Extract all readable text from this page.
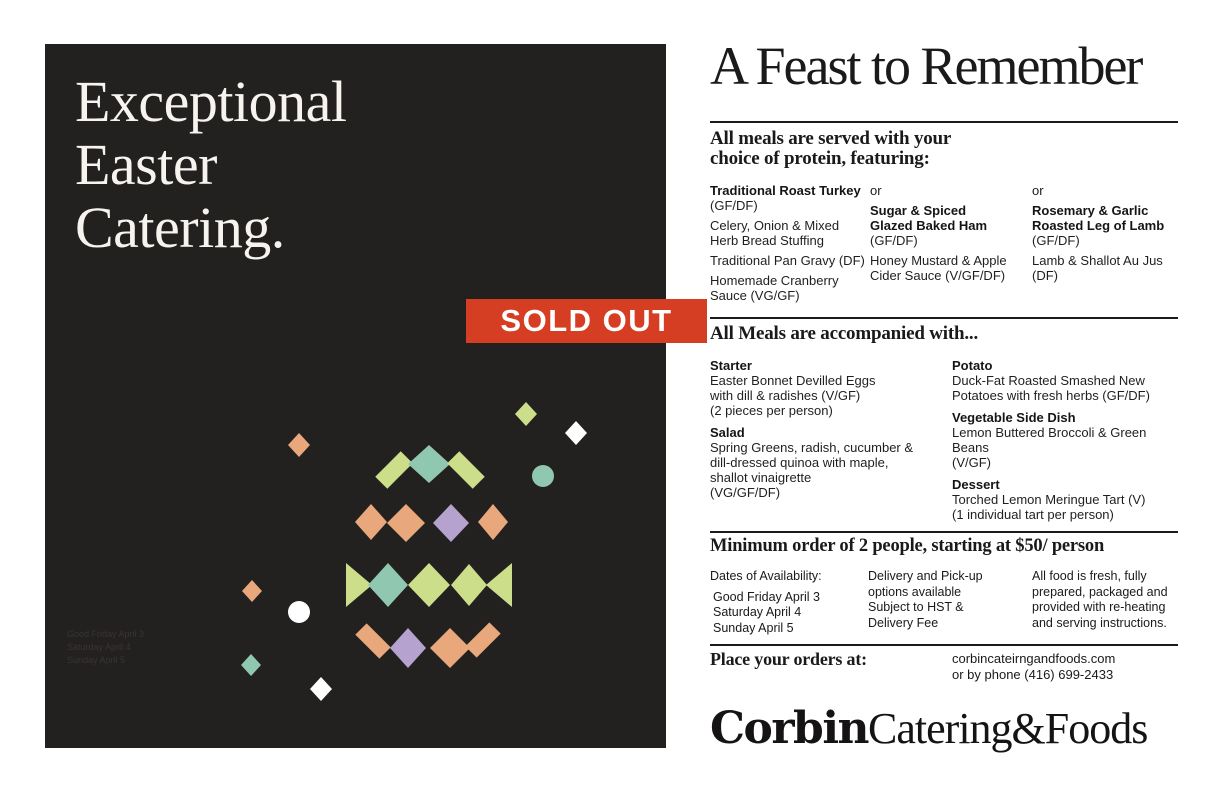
Exceptional
Easter
Catering.
Good Friday April 3
Saturday April 4
Sunday April 5
SOLD OUT
A Feast to Remember
All meals are served with your
choice of protein, featuring:
Traditional Roast Turkey
(GF/DF)
Celery, Onion & Mixed
Herb Bread Stuffing
Traditional Pan Gravy (DF)
Homemade Cranberry
Sauce (VG/GF)
or
Sugar & Spiced
Glazed Baked Ham
(GF/DF)
Honey Mustard & Apple
Cider Sauce (V/GF/DF)
or
Rosemary & Garlic
Roasted Leg of Lamb
(GF/DF)
Lamb & Shallot Au Jus
(DF)
All Meals are accompanied with...
Starter
Easter Bonnet Devilled Eggs
with dill & radishes (V/GF)
(2 pieces per person)
Salad
Spring Greens, radish, cucumber &
dill-dressed quinoa with maple,
shallot vinaigrette
(VG/GF/DF)
Potato
Duck-Fat Roasted Smashed New
Potatoes with fresh herbs (GF/DF)
Vegetable Side Dish
Lemon Buttered Broccoli & Green Beans
(V/GF)
Dessert
Torched Lemon Meringue Tart (V)
(1 individual tart per person)
Minimum order of 2 people, starting at $50/ person
Dates of Availability:
Good Friday April 3
Saturday April 4
Sunday April 5
Delivery and Pick-up
options available
Subject to HST &
Delivery Fee
All food is fresh, fully
prepared, packaged and
provided with re-heating
and serving instructions.
Place your orders at:	corbincateirngandfoods.com
or by phone (416) 699-2433
CorbinCatering&Foods
